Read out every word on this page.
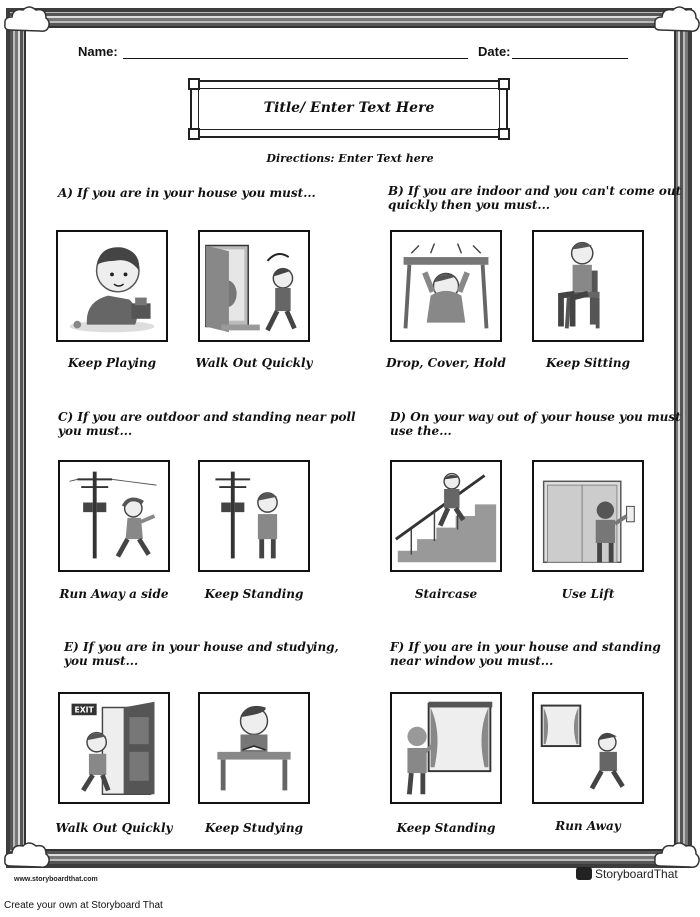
Name:	Date:
Title/ Enter Text Here
Directions: Enter Text here
A) If you are in your house you must...
Keep Playing	Walk Out Quickly
B) If you are indoor and you can't come out
quickly then you must...
Drop, Cover, Hold	Keep Sitting
C) If you are outdoor and standing near poll
you must...
Run Away a side	Keep Standing
D) On your way out of your house you must
use the...
Staircase	Use Lift
E) If you are in your house and studying,
you must...
EXIT
Walk Out Quickly	Keep Studying
F) If you are in your house and standing
near window you must...
Keep Standing	Run Away
www.storyboardthat.com	StoryboardThat
Create your own at Storyboard That
